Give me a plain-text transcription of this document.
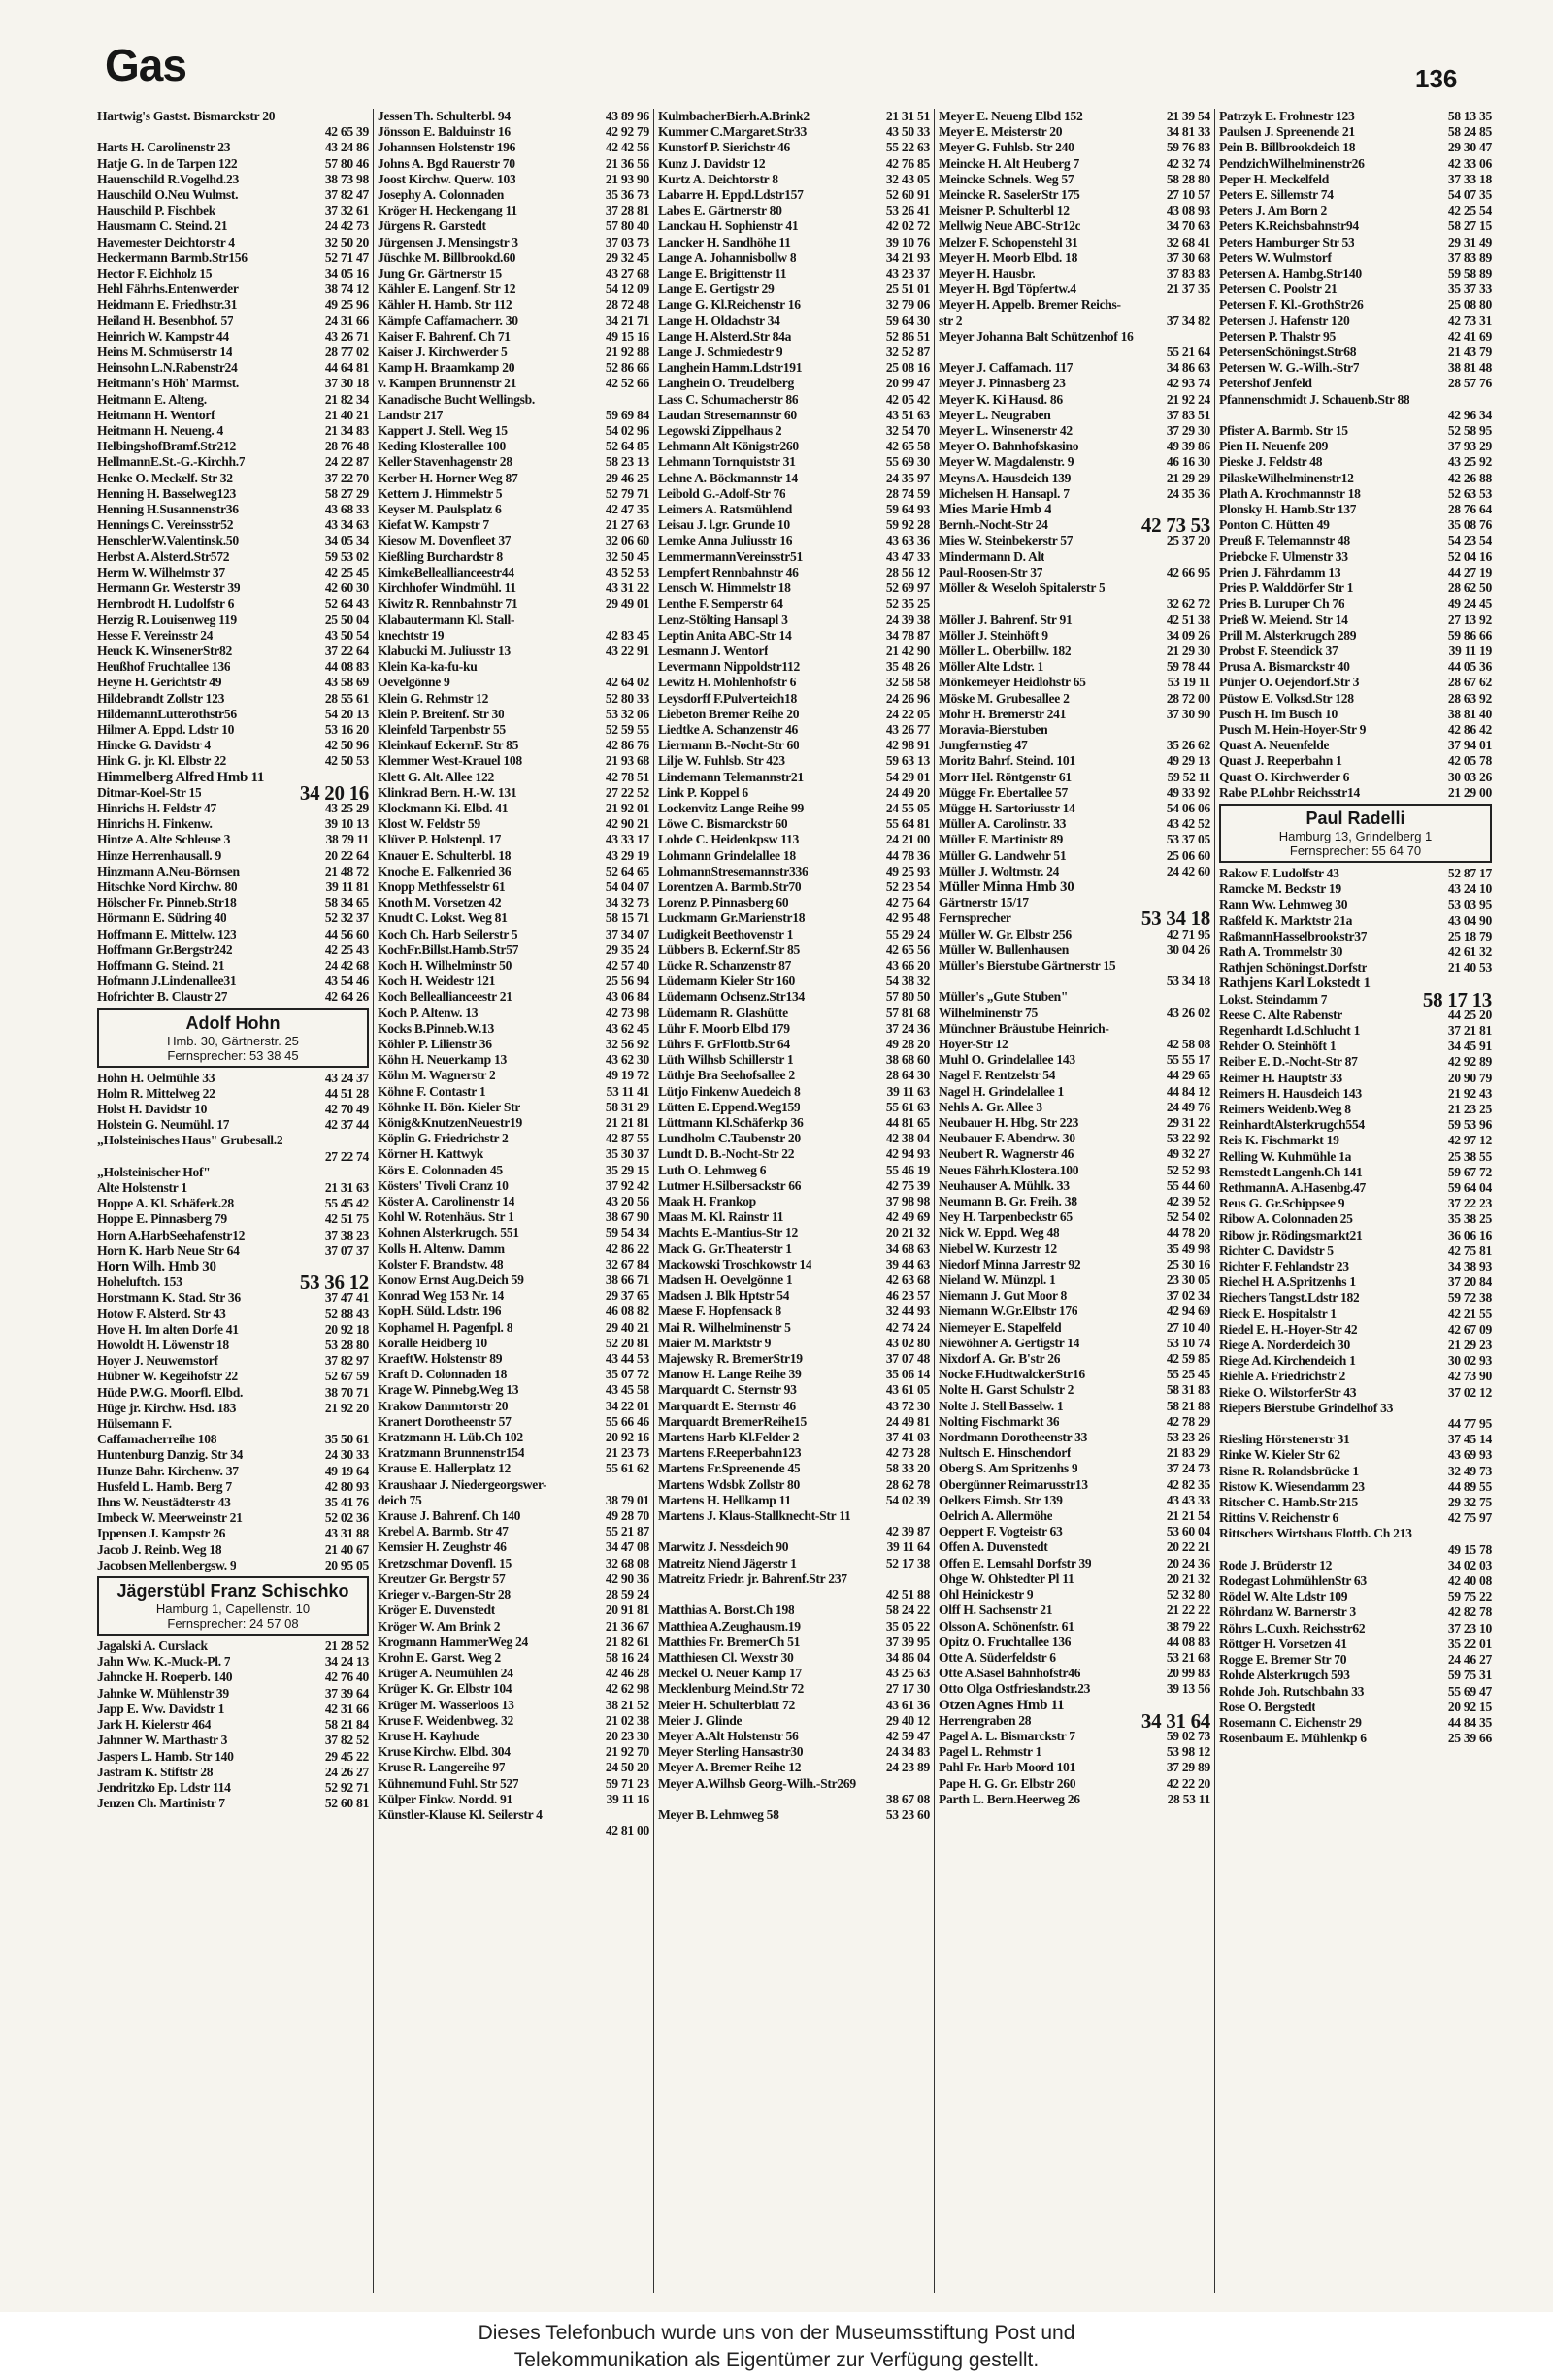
Gas	136
Hartwig's Gastst. Bismarckstr 20
42 65 39
Harts H. Carolinenstr 23	43 24 86
Hatje G. In de Tarpen 122	57 80 46
Hauenschild R.Vogelhd.23	38 73 98
Hauschild O.Neu Wulmst.	37 82 47
Hauschild P. Fischbek	37 32 61
Hausmann C. Steind. 21	24 42 73
Havemester Deichtorstr 4	32 50 20
Heckermann Barmb.Str156	52 71 47
Hector F. Eichholz 15	34 05 16
Hehl Fährhs.Entenwerder	38 74 12
Heidmann E. Friedhstr.31	49 25 96
Heiland H. Besenbhof. 57	24 31 66
Heinrich W. Kampstr 44	43 26 71
Heins M. Schmüserstr 14	28 77 02
Heinsohn L.N.Rabenstr24	44 64 81
Heitmann's Höh' Marmst.	37 30 18
Heitmann E. Alteng.	21 82 34
Heitmann H. Wentorf	21 40 21
Heitmann H. Neueng. 4	21 34 83
HelbingshofBramf.Str212	28 76 48
HellmannE.St.-G.-Kirchh.7	24 22 87
Henke O. Meckelf. Str 32	37 22 70
Henning H. Basselweg123	58 27 29
Henning H.Susannenstr36	43 68 33
Hennings C. Vereinsstr52	43 34 63
HenschlerW.Valentinsk.50	34 05 34
Herbst A. Alsterd.Str572	59 53 02
Herm W. Wilhelmstr 37	42 25 45
Hermann Gr. Westerstr 39	42 60 30
Hernbrodt H. Ludolfstr 6	52 64 43
Herzig R. Louisenweg 119	25 50 04
Hesse F. Vereinsstr 24	43 50 54
Heuck K. WinsenerStr82	37 22 64
Heußhof Fruchtallee 136	44 08 83
Heyne H. Gerichtstr 49	43 58 69
Hildebrandt Zollstr 123	28 55 61
HildemannLutterothstr56	54 20 13
Hilmer A. Eppd. Ldstr 10	53 16 20
Hincke G. Davidstr 4	42 50 96
Hink G. jr. Kl. Elbstr 22	42 50 53
Himmelberg Alfred Hmb 11
Ditmar-Koel-Str 15	34 20 16
Hinrichs H. Feldstr 47	43 25 29
Hinrichs H. Finkenw.	39 10 13
Hintze A. Alte Schleuse 3	38 79 11
Hinze Herrenhausall. 9	20 22 64
Hinzmann A.Neu-Börnsen	21 48 72
Hitschke Nord Kirchw. 80	39 11 81
Hölscher Fr. Pinneb.Str18	58 34 65
Hörmann E. Südring 40	52 32 37
Hoffmann E. Mittelw. 123	44 56 60
Hoffmann Gr.Bergstr242	42 25 43
Hoffmann G. Steind. 21	24 42 68
Hofmann J.Lindenallee31	43 54 46
Hofrichter B. Claustr 27	42 64 26
Adolf Hohn
Hmb. 30, Gärtnerstr. 25
Fernsprecher: 53 38 45
Hohn H. Oelmühle 33	43 24 37
Holm R. Mittelweg 22	44 51 28
Holst H. Davidstr 10	42 70 49
Holstein G. Neumühl. 17	42 37 44
„Holsteinisches Haus" Grubesall.2
27 22 74
„Holsteinischer Hof"
Alte Holstenstr 1	21 31 63
Hoppe A. Kl. Schäferk.28	55 45 42
Hoppe E. Pinnasberg 79	42 51 75
Horn A.HarbSeehafenstr12	37 38 23
Horn K. Harb Neue Str 64	37 07 37
Horn Wilh. Hmb 30
Hoheluftch. 153	53 36 12
Horstmann K. Stad. Str 36	37 47 41
Hotow F. Alsterd. Str 43	52 88 43
Hove H. Im alten Dorfe 41	20 92 18
Howoldt H. Löwenstr 18	53 28 80
Hoyer J. Neuwemstorf	37 82 97
Hübner W. Kegeihofstr 22	52 67 59
Hüde P.W.G. Moorfl. Elbd.	38 70 71
Hüge jr. Kirchw. Hsd. 183	21 92 20
Hülsemann F.
Caffamacherreihe 108	35 50 61
Huntenburg Danzig. Str 34	24 30 33
Hunze Bahr. Kirchenw. 37	49 19 64
Husfeld L. Hamb. Berg 7	42 80 93
Ihns W. Neustädterstr 43	35 41 76
Imbeck W. Meerweinstr 21	52 02 36
Ippensen J. Kampstr 26	43 31 88
Jacob J. Reinb. Weg 18	21 40 67
Jacobsen Mellenbergsw. 9	20 95 05
Jägerstübl Franz Schischko
Hamburg 1, Capellenstr. 10
Fernsprecher: 24 57 08
Jagalski A. Curslack	21 28 52
Jahn Ww. K.-Muck-Pl. 7	34 24 13
Jahncke H. Roeperb. 140	42 76 40
Jahnke W. Mühlenstr 39	37 39 64
Japp E. Ww. Davidstr 1	42 31 66
Jark H. Kielerstr 464	58 21 84
Jahnner W. Marthastr 3	37 82 52
Jaspers L. Hamb. Str 140	29 45 22
Jastram K. Stiftstr 28	24 26 27
Jendritzko Ep. Ldstr 114	52 92 71
Jenzen Ch. Martinistr 7	52 60 81
Jessen Th. Schulterbl. 94	43 89 96
Jönsson E. Balduinstr 16	42 92 79
Johannsen Holstenstr 196	42 42 56
Johns A. Bgd Rauerstr 70	21 36 56
Joost Kirchw. Querw. 103	21 93 90
Josephy A. Colonnaden	35 36 73
Kröger H. Heckengang 11	37 28 81
Jürgens R. Garstedt	57 80 40
Jürgensen J. Mensingstr 3	37 03 73
Jüschke M. Billbrookd.60	29 32 45
Jung Gr. Gärtnerstr 15	43 27 68
Kähler E. Langenf. Str 12	54 12 09
Kähler H. Hamb. Str 112	28 72 48
Kämpfe Caffamacherr. 30	34 21 71
Kaiser F. Bahrenf. Ch 71	49 15 16
Kaiser J. Kirchwerder 5	21 92 88
Kamp H. Braamkamp 20	52 86 66
v. Kampen Brunnenstr 21	42 52 66
Kanadische Bucht Wellingsb.
Landstr 217	59 69 84
Kappert J. Stell. Weg 15	54 02 96
Keding Klosterallee 100	52 64 85
Keller Stavenhagenstr 28	58 23 13
Kerber H. Horner Weg 87	29 46 25
Kettern J. Himmelstr 5	52 79 71
Keyser M. Paulsplatz 6	42 47 35
Kiefat W. Kampstr 7	21 27 63
Kiesow M. Dovenfleet 37	32 06 60
Kießling Burchardstr 8	32 50 45
KimkeBelleallianceestr44	43 52 53
Kirchhofer Windmühl. 11	43 31 22
Kiwitz R. Rennbahnstr 71	29 49 01
Klabautermann Kl. Stall-
knechtstr 19	42 83 45
Klabucki M. Juliusstr 13	43 22 91
Klein Ka-ka-fu-ku
Oevelgönne 9	42 64 02
Klein G. Rehmstr 12	52 80 33
Klein P. Breitenf. Str 30	53 32 06
Kleinfeld Tarpenbstr 55	52 59 55
Kleinkauf EckernF. Str 85	42 86 76
Klemmer West-Krauel 108	21 93 68
Klett G. Alt. Allee 122	42 78 51
Klinkrad Bern. H.-W. 131	27 22 52
Klockmann Ki. Elbd. 41	21 92 01
Klost W. Feldstr 59	42 90 21
Klüver P. Holstenpl. 17	43 33 17
Knauer E. Schulterbl. 18	43 29 19
Knoche E. Falkenried 36	52 64 65
Knopp Methfesselstr 61	54 04 07
Knoth M. Vorsetzen 42	34 32 73
Knudt C. Lokst. Weg 81	58 15 71
Koch Ch. Harb Seilerstr 5	37 34 07
KochFr.Billst.Hamb.Str57	29 35 24
Koch H. Wilhelminstr 50	42 57 40
Koch H. Weidestr 121	25 56 94
Koch Belleallianceestr 21	43 06 84
Koch P. Altenw. 13	42 73 98
Kocks B.Pinneb.W.13	43 62 45
Köhler P. Lilienstr 36	32 56 92
Köhn H. Neuerkamp 13	43 62 30
Köhn M. Wagnerstr 2	49 19 72
Köhne F. Contastr 1	53 11 41
Köhnke H. Bön. Kieler Str	58 31 29
König&KnutzenNeuestr19	21 21 81
Köplin G. Friedrichstr 2	42 87 55
Körner H. Kattwyk	35 30 37
Körs E. Colonnaden 45	35 29 15
Kösters' Tivoli Cranz 10	37 92 42
Köster A. Carolinenstr 14	43 20 56
Kohl W. Rotenhäus. Str 1	38 67 90
Kohnen Alsterkrugch. 551	59 54 34
Kolls H. Altenw. Damm	42 86 22
Kolster F. Brandstw. 48	32 67 84
Konow Ernst Aug.Deich 59	38 66 71
Konrad Weg 153 Nr. 14	29 37 65
KopH. Süld. Ldstr. 196	46 08 82
Kophamel H. Pagenfpl. 8	29 40 21
Koralle Heidberg 10	52 20 81
KraeftW. Holstenstr 89	43 44 53
Kraft D. Colonnaden 18	35 07 72
Krage W. Pinnebg.Weg 13	43 45 58
Krakow Dammtorstr 20	34 22 01
Kranert Dorotheenstr 57	55 66 46
Kratzmann H. Lüb.Ch 102	20 92 16
Kratzmann Brunnenstr154	21 23 73
Krause E. Hallerplatz 12	55 61 62
Kraushaar J. Niedergeorgswer-
deich 75	38 79 01
Krause J. Bahrenf. Ch 140	49 28 70
Krebel A. Barmb. Str 47	55 21 87
Kemsier H. Zeughstr 46	34 47 08
Kretzschmar Dovenfl. 15	32 68 08
Kreutzer Gr. Bergstr 57	42 90 36
Krieger v.-Bargen-Str 28	28 59 24
Kröger E. Duvenstedt	20 91 81
Kröger W. Am Brink 2	21 36 67
Krogmann HammerWeg 24	21 82 61
Krohn E. Garst. Weg 2	58 16 24
Krüger A. Neumühlen 24	42 46 28
Krüger K. Gr. Elbstr 104	42 62 98
Krüger M. Wasserloos 13	38 21 52
Kruse F. Weidenbweg. 32	21 02 38
Kruse H. Kayhude	20 23 30
Kruse Kirchw. Elbd. 304	21 92 70
Kruse R. Langereihe 97	24 50 20
Kühnemund Fuhl. Str 527	59 71 23
Külper Finkw. Nordd. 91	39 11 16
Künstler-Klause Kl. Seilerstr 4
42 81 00
KulmbacherBierh.A.Brink2	21 31 51
Kummer C.Margaret.Str33	43 50 33
Kunstorf P. Sierichstr 46	55 22 63
Kunz J. Davidstr 12	42 76 85
Kurtz A. Deichtorstr 8	32 43 05
Labarre H. Eppd.Ldstr157	52 60 91
Labes E. Gärtnerstr 80	53 26 41
Lanckau H. Sophienstr 41	42 02 72
Lancker H. Sandhöhe 11	39 10 76
Lange A. Johannisbollw 8	34 21 93
Lange E. Brigittenstr 11	43 23 37
Lange E. Gertigstr 29	25 51 01
Lange G. Kl.Reichenstr 16	32 79 06
Lange H. Oldachstr 34	59 64 30
Lange H. Alsterd.Str 84a	52 86 51
Lange J. Schmiedestr 9	32 52 87
Langhein Hamm.Ldstr191	25 08 16
Langhein O. Treudelberg	20 99 47
Lass C. Schumacherstr 86	42 05 42
Laudan Stresemannstr 60	43 51 63
Legowski Zippelhaus 2	32 54 70
Lehmann Alt Königstr260	42 65 58
Lehmann Tornquiststr 31	55 69 30
Lehne A. Böckmannstr 14	24 35 97
Leibold G.-Adolf-Str 76	28 74 59
Leimers A. Ratsmühlend	59 64 93
Leisau J. l.gr. Grunde 10	59 92 28
Lemke Anna Juliusstr 16	43 63 36
LemmermannVereinsstr51	43 47 33
Lempfert Rennbahnstr 46	28 56 12
Lensch W. Himmelstr 18	52 69 97
Lenthe F. Semperstr 64	52 35 25
Lenz-Stölting Hansapl 3	24 39 38
Leptin Anita ABC-Str 14	34 78 87
Lesmann J. Wentorf	21 42 90
Levermann Nippoldstr112	35 48 26
Lewitz H. Mohlenhofstr 6	32 58 58
Leysdorff F.Pulverteich18	24 26 96
Liebeton Bremer Reihe 20	24 22 05
Liedtke A. Schanzenstr 46	43 26 77
Liermann B.-Nocht-Str 60	42 98 91
Lilje W. Fuhlsb. Str 423	59 63 13
Lindemann Telemannstr21	54 29 01
Link P. Koppel 6	24 49 20
Lockenvitz Lange Reihe 99	24 55 05
Löwe C. Bismarckstr 60	55 64 81
Lohde C. Heidenkpsw 113	24 21 00
Lohmann Grindelallee 18	44 78 36
LohmannStresemannstr336	49 25 93
Lorentzen A. Barmb.Str70	52 23 54
Lorenz P. Pinnasberg 60	42 75 64
Luckmann Gr.Marienstr18	42 95 48
Ludigkeit Beethovenstr 1	55 29 24
Lübbers B. Eckernf.Str 85	42 65 56
Lücke R. Schanzenstr 87	43 66 20
Lüdemann Kieler Str 160	54 38 32
Lüdemann Ochsenz.Str134	57 80 50
Lüdemann R. Glashütte	57 81 68
Lühr F. Moorb Elbd 179	37 24 36
Lührs F. GrFlottb.Str 64	49 28 20
Lüth Wilhsb Schillerstr 1	38 68 60
Lüthje Bra Seehofsallee 2	28 64 30
Lütjo Finkenw Auedeich 8	39 11 63
Lütten E. Eppend.Weg159	55 61 63
Lüttmann Kl.Schäferkp 36	44 81 65
Lundholm C.Taubenstr 20	42 38 04
Lundt D. B.-Nocht-Str 22	42 94 93
Luth O. Lehmweg 6	55 46 19
Lutmer H.Silbersackstr 66	42 75 39
Maak H. Frankop	37 98 98
Maas M. Kl. Rainstr 11	42 49 69
Machts E.-Mantius-Str 12	20 21 32
Mack G. Gr.Theaterstr 1	34 68 63
Mackowski Troschkowstr 14	39 44 63
Madsen H. Oevelgönne 1	42 63 68
Madsen J. Blk Hptstr 54	46 23 57
Maese F. Hopfensack 8	32 44 93
Mai R. Wilhelminenstr 5	42 74 24
Maier M. Marktstr 9	43 02 80
Majewsky R. BremerStr19	37 07 48
Manow H. Lange Reihe 39	35 06 14
Marquardt C. Sternstr 93	43 61 05
Marquardt E. Sternstr 46	43 72 30
Marquardt BremerReihe15	24 49 81
Martens Harb Kl.Felder 2	37 41 03
Martens F.Reeperbahn123	42 73 28
Martens Fr.Spreenende 45	58 33 20
Martens Wdsbk Zollstr 80	28 62 78
Martens H. Hellkamp 11	54 02 39
Martens J. Klaus-Stallknecht-Str 11
42 39 87
Marwitz J. Nessdeich 90	39 11 64
Matreitz Niend Jägerstr 1	52 17 38
Matreitz Friedr. jr. Bahrenf.Str 237
42 51 88
Matthias A. Borst.Ch 198	58 24 22
Matthiea A.Zeughausm.19	35 05 22
Matthies Fr. BremerCh 51	37 39 95
Matthiesen Cl. Wexstr 30	34 86 04
Meckel O. Neuer Kamp 17	43 25 63
Mecklenburg Meind.Str 72	27 17 30
Meier H. Schulterblatt 72	43 61 36
Meier J. Glinde	29 40 12
Meyer A.Alt Holstenstr 56	42 59 47
Meyer Sterling Hansastr30	24 34 83
Meyer A. Bremer Reihe 12	24 23 89
Meyer A.Wilhsb Georg-Wilh.-Str269
38 67 08
Meyer B. Lehmweg 58	53 23 60
Meyer E. Neueng Elbd 152	21 39 54
Meyer E. Meisterstr 20	34 81 33
Meyer G. Fuhlsb. Str 240	59 76 83
Meincke H. Alt Heuberg 7	42 32 74
Meincke Schnels. Weg 57	58 28 80
Meincke R. SaselerStr 175	27 10 57
Meisner P. Schulterbl 12	43 08 93
Mellwig Neue ABC-Str12c	34 70 63
Melzer F. Schopenstehl 31	32 68 41
Meyer H. Moorb Elbd. 18	37 30 68
Meyer H. Hausbr.	37 83 83
Meyer H. Bgd Töpfertw.4	21 37 35
Meyer H. Appelb. Bremer Reichs-
str 2	37 34 82
Meyer Johanna Balt Schützenhof 16
55 21 64
Meyer J. Caffamach. 117	34 86 63
Meyer J. Pinnasberg 23	42 93 74
Meyer K. Ki Hausd. 86	21 92 24
Meyer L. Neugraben	37 83 51
Meyer L. Winsenerstr 42	37 29 30
Meyer O. Bahnhofskasino	49 39 86
Meyer W. Magdalenstr. 9	46 16 30
Meyns A. Hausdeich 139	21 29 29
Michelsen H. Hansapl. 7	24 35 36
Mies Marie Hmb 4
Bernh.-Nocht-Str 24	42 73 53
Mies W. Steinbekerstr 57	25 37 20
Mindermann D. Alt
Paul-Roosen-Str 37	42 66 95
Möller & Weseloh Spitalerstr 5
32 62 72
Möller J. Bahrenf. Str 91	42 51 38
Möller J. Steinhöft 9	34 09 26
Möller L. Oberbillw. 182	21 29 30
Möller Alte Ldstr. 1	59 78 44
Mönkemeyer Heidlohstr 65	53 19 11
Möske M. Grubesallee 2	28 72 00
Mohr H. Bremerstr 241	37 30 90
Moravia-Bierstuben
Jungfernstieg 47	35 26 62
Moritz Bahrf. Steind. 101	49 29 13
Morr Hel. Röntgenstr 61	59 52 11
Mügge Fr. Ebertallee 57	49 33 92
Mügge H. Sartoriusstr 14	54 06 06
Müller A. Carolinstr. 33	43 42 52
Müller F. Martinistr 89	53 37 05
Müller G. Landwehr 51	25 06 60
Müller J. Woltmstr. 24	24 42 60
Müller Minna Hmb 30
Gärtnerstr 15/17
Fernsprecher	53 34 18
Müller W. Gr. Elbstr 256	42 71 95
Müller W. Bullenhausen	30 04 26
Müller's Bierstube Gärtnerstr 15
53 34 18
Müller's „Gute Stuben"
Wilhelminenstr 75	43 26 02
Münchner Bräustube Heinrich-
Hoyer-Str 12	42 58 08
Muhl O. Grindelallee 143	55 55 17
Nagel F. Rentzelstr 54	44 29 65
Nagel H. Grindelallee 1	44 84 12
Nehls A. Gr. Allee 3	24 49 76
Neubauer H. Hbg. Str 223	29 31 22
Neubauer F. Abendrw. 30	53 22 92
Neubert R. Wagnerstr 46	49 32 27
Neues Fährh.Klostera.100	52 52 93
Neuhauser A. Mühlk. 33	55 44 60
Neumann B. Gr. Freih. 38	42 39 52
Ney H. Tarpenbeckstr 65	52 54 02
Nick W. Eppd. Weg 48	44 78 20
Niebel W. Kurzestr 12	35 49 98
Niedorf Minna Jarrestr 92	25 30 16
Nieland W. Münzpl. 1	23 30 05
Niemann J. Gut Moor 8	37 02 34
Niemann W.Gr.Elbstr 176	42 94 69
Niemeyer E. Stapelfeld	27 10 40
Niewöhner A. Gertigstr 14	53 10 74
Nixdorf A. Gr. B'str 26	42 59 85
Nocke F.HudtwalckerStr16	55 25 45
Nolte H. Garst Schulstr 2	58 31 83
Nolte J. Stell Basselw. 1	58 21 88
Nolting Fischmarkt 36	42 78 29
Nordmann Dorotheenstr 33	53 23 26
Nultsch E. Hinschendorf	21 83 29
Oberg S. Am Spritzenhs 9	37 24 73
Obergünner Reimarusstr13	42 82 35
Oelkers Eimsb. Str 139	43 43 33
Oelrich A. Allermöhe	21 21 54
Oeppert F. Vogteistr 63	53 60 04
Offen A. Duvenstedt	20 22 21
Offen E. Lemsahl Dorfstr 39	20 24 36
Ohge W. Ohlstedter Pl 11	20 21 32
Ohl Heinickestr 9	52 32 80
Olff H. Sachsenstr 21	21 22 22
Olsson A. Schönenfstr. 61	38 79 22
Opitz O. Fruchtallee 136	44 08 83
Otte A. Süderfeldstr 6	53 21 68
Otte A.Sasel Bahnhofstr46	20 99 83
Otto Olga Ostfrieslandstr.23	39 13 56
Otzen Agnes Hmb 11
Herrengraben 28	34 31 64
Pagel A. L. Bismarckstr 7	59 02 73
Pagel L. Rehmstr 1	53 98 12
Pahl Fr. Harb Moord 101	37 29 89
Pape H. G. Gr. Elbstr 260	42 22 20
Parth L. Bern.Heerweg 26	28 53 11
Patrzyk E. Frohnestr 123	58 13 35
Paulsen J. Spreenende 21	58 24 85
Pein B. Billbrookdeich 18	29 30 47
PendzichWilhelminenstr26	42 33 06
Peper H. Meckelfeld	37 33 18
Peters E. Sillemstr 74	54 07 35
Peters J. Am Born 2	42 25 54
Peters K.Reichsbahnstr94	58 27 15
Peters Hamburger Str 53	29 31 49
Peters W. Wulmstorf	37 83 89
Petersen A. Hambg.Str140	59 58 89
Petersen C. Poolstr 21	35 37 33
Petersen F. Kl.-GrothStr26	25 08 80
Petersen J. Hafenstr 120	42 73 31
Petersen P. Thalstr 95	42 41 69
PetersenSchöningst.Str68	21 43 79
Petersen W. G.-Wilh.-Str7	38 81 48
Petershof Jenfeld	28 57 76
Pfannenschmidt J. Schauenb.Str 88
42 96 34
Pfister A. Barmb. Str 15	52 58 95
Pien H. Neuenfe 209	37 93 29
Pieske J. Feldstr 48	43 25 92
PilaskeWilhelminenstr12	42 26 88
Plath A. Krochmannstr 18	52 63 53
Plonsky H. Hamb.Str 137	28 76 64
Ponton C. Hütten 49	35 08 76
Preuß F. Telemannstr 48	54 23 54
Priebcke F. Ulmenstr 33	52 04 16
Prien J. Fährdamm 13	44 27 19
Pries P. Walddörfer Str 1	28 62 50
Pries B. Luruper Ch 76	49 24 45
Prieß W. Meiend. Str 14	27 13 92
Prill M. Alsterkrugch 289	59 86 66
Probst F. Steendick 37	39 11 19
Prusa A. Bismarckstr 40	44 05 36
Pünjer O. Oejendorf.Str 3	28 67 62
Püstow E. Volksd.Str 128	28 63 92
Pusch H. Im Busch 10	38 81 40
Pusch M. Hein-Hoyer-Str 9	42 86 42
Quast A. Neuenfelde	37 94 01
Quast J. Reeperbahn 1	42 05 78
Quast O. Kirchwerder 6	30 03 26
Rabe P.Lohbr Reichsstr14	21 29 00
Paul Radelli
Hamburg 13, Grindelberg 1
Fernsprecher: 55 64 70
Rakow F. Ludolfstr 43	52 87 17
Ramcke M. Beckstr 19	43 24 10
Rann Ww. Lehmweg 30	53 03 95
Raßfeld K. Marktstr 21a	43 04 90
RaßmannHasselbrookstr37	25 18 79
Rath A. Trommelstr 30	42 61 32
Rathjen Schöningst.Dorfstr	21 40 53
Rathjens Karl Lokstedt 1
Lokst. Steindamm 7	58 17 13
Reese C. Alte Rabenstr	44 25 20
Regenhardt I.d.Schlucht 1	37 21 81
Rehder O. Steinhöft 1	34 45 91
Reiber E. D.-Nocht-Str 87	42 92 89
Reimer H. Hauptstr 33	20 90 79
Reimers H. Hausdeich 143	21 92 43
Reimers Weidenb.Weg 8	21 23 25
ReinhardtAlsterkrugch554	59 53 96
Reis K. Fischmarkt 19	42 97 12
Relling W. Kuhmühle 1a	25 38 55
Remstedt Langenh.Ch 141	59 67 72
RethmannA. A.Hasenbg.47	59 64 04
Reus G. Gr.Schippsee 9	37 22 23
Ribow A. Colonnaden 25	35 38 25
Ribow jr. Rödingsmarkt21	36 06 16
Richter C. Davidstr 5	42 75 81
Richter F. Fehlandstr 23	34 38 93
Riechel H. A.Spritzenhs 1	37 20 84
Riechers Tangst.Ldstr 182	59 72 38
Rieck E. Hospitalstr 1	42 21 55
Riedel E. H.-Hoyer-Str 42	42 67 09
Riege A. Norderdeich 30	21 29 23
Riege Ad. Kirchendeich 1	30 02 93
Riehle A. Friedrichstr 2	42 73 90
Rieke O. WilstorferStr 43	37 02 12
Riepers Bierstube Grindelhof 33
44 77 95
Riesling Hörstenerstr 31	37 45 14
Rinke W. Kieler Str 62	43 69 93
Risne R. Rolandsbrücke 1	32 49 73
Ristow K. Wiesendamm 23	44 89 55
Ritscher C. Hamb.Str 215	29 32 75
Rittins V. Reichenstr 6	42 75 97
Rittschers Wirtshaus Flottb. Ch 213
49 15 78
Rode J. Brüderstr 12	34 02 03
Rodegast LohmühlenStr 63	42 40 08
Rödel W. Alte Ldstr 109	59 75 22
Röhrdanz W. Barnerstr 3	42 82 78
Röhrs L.Cuxh. Reichsstr62	37 23 10
Röttger H. Vorsetzen 41	35 22 01
Rogge E. Bremer Str 70	24 46 27
Rohde Alsterkrugch 593	59 75 31
Rohde Joh. Rutschbahn 33	55 69 47
Rose O. Bergstedt	20 92 15
Rosemann C. Eichenstr 29	44 84 35
Rosenbaum E. Mühlenkp 6	25 39 66
Dieses Telefonbuch wurde uns von der Museumsstiftung Post und
Telekommunikation als Eigentümer zur Verfügung gestellt.
